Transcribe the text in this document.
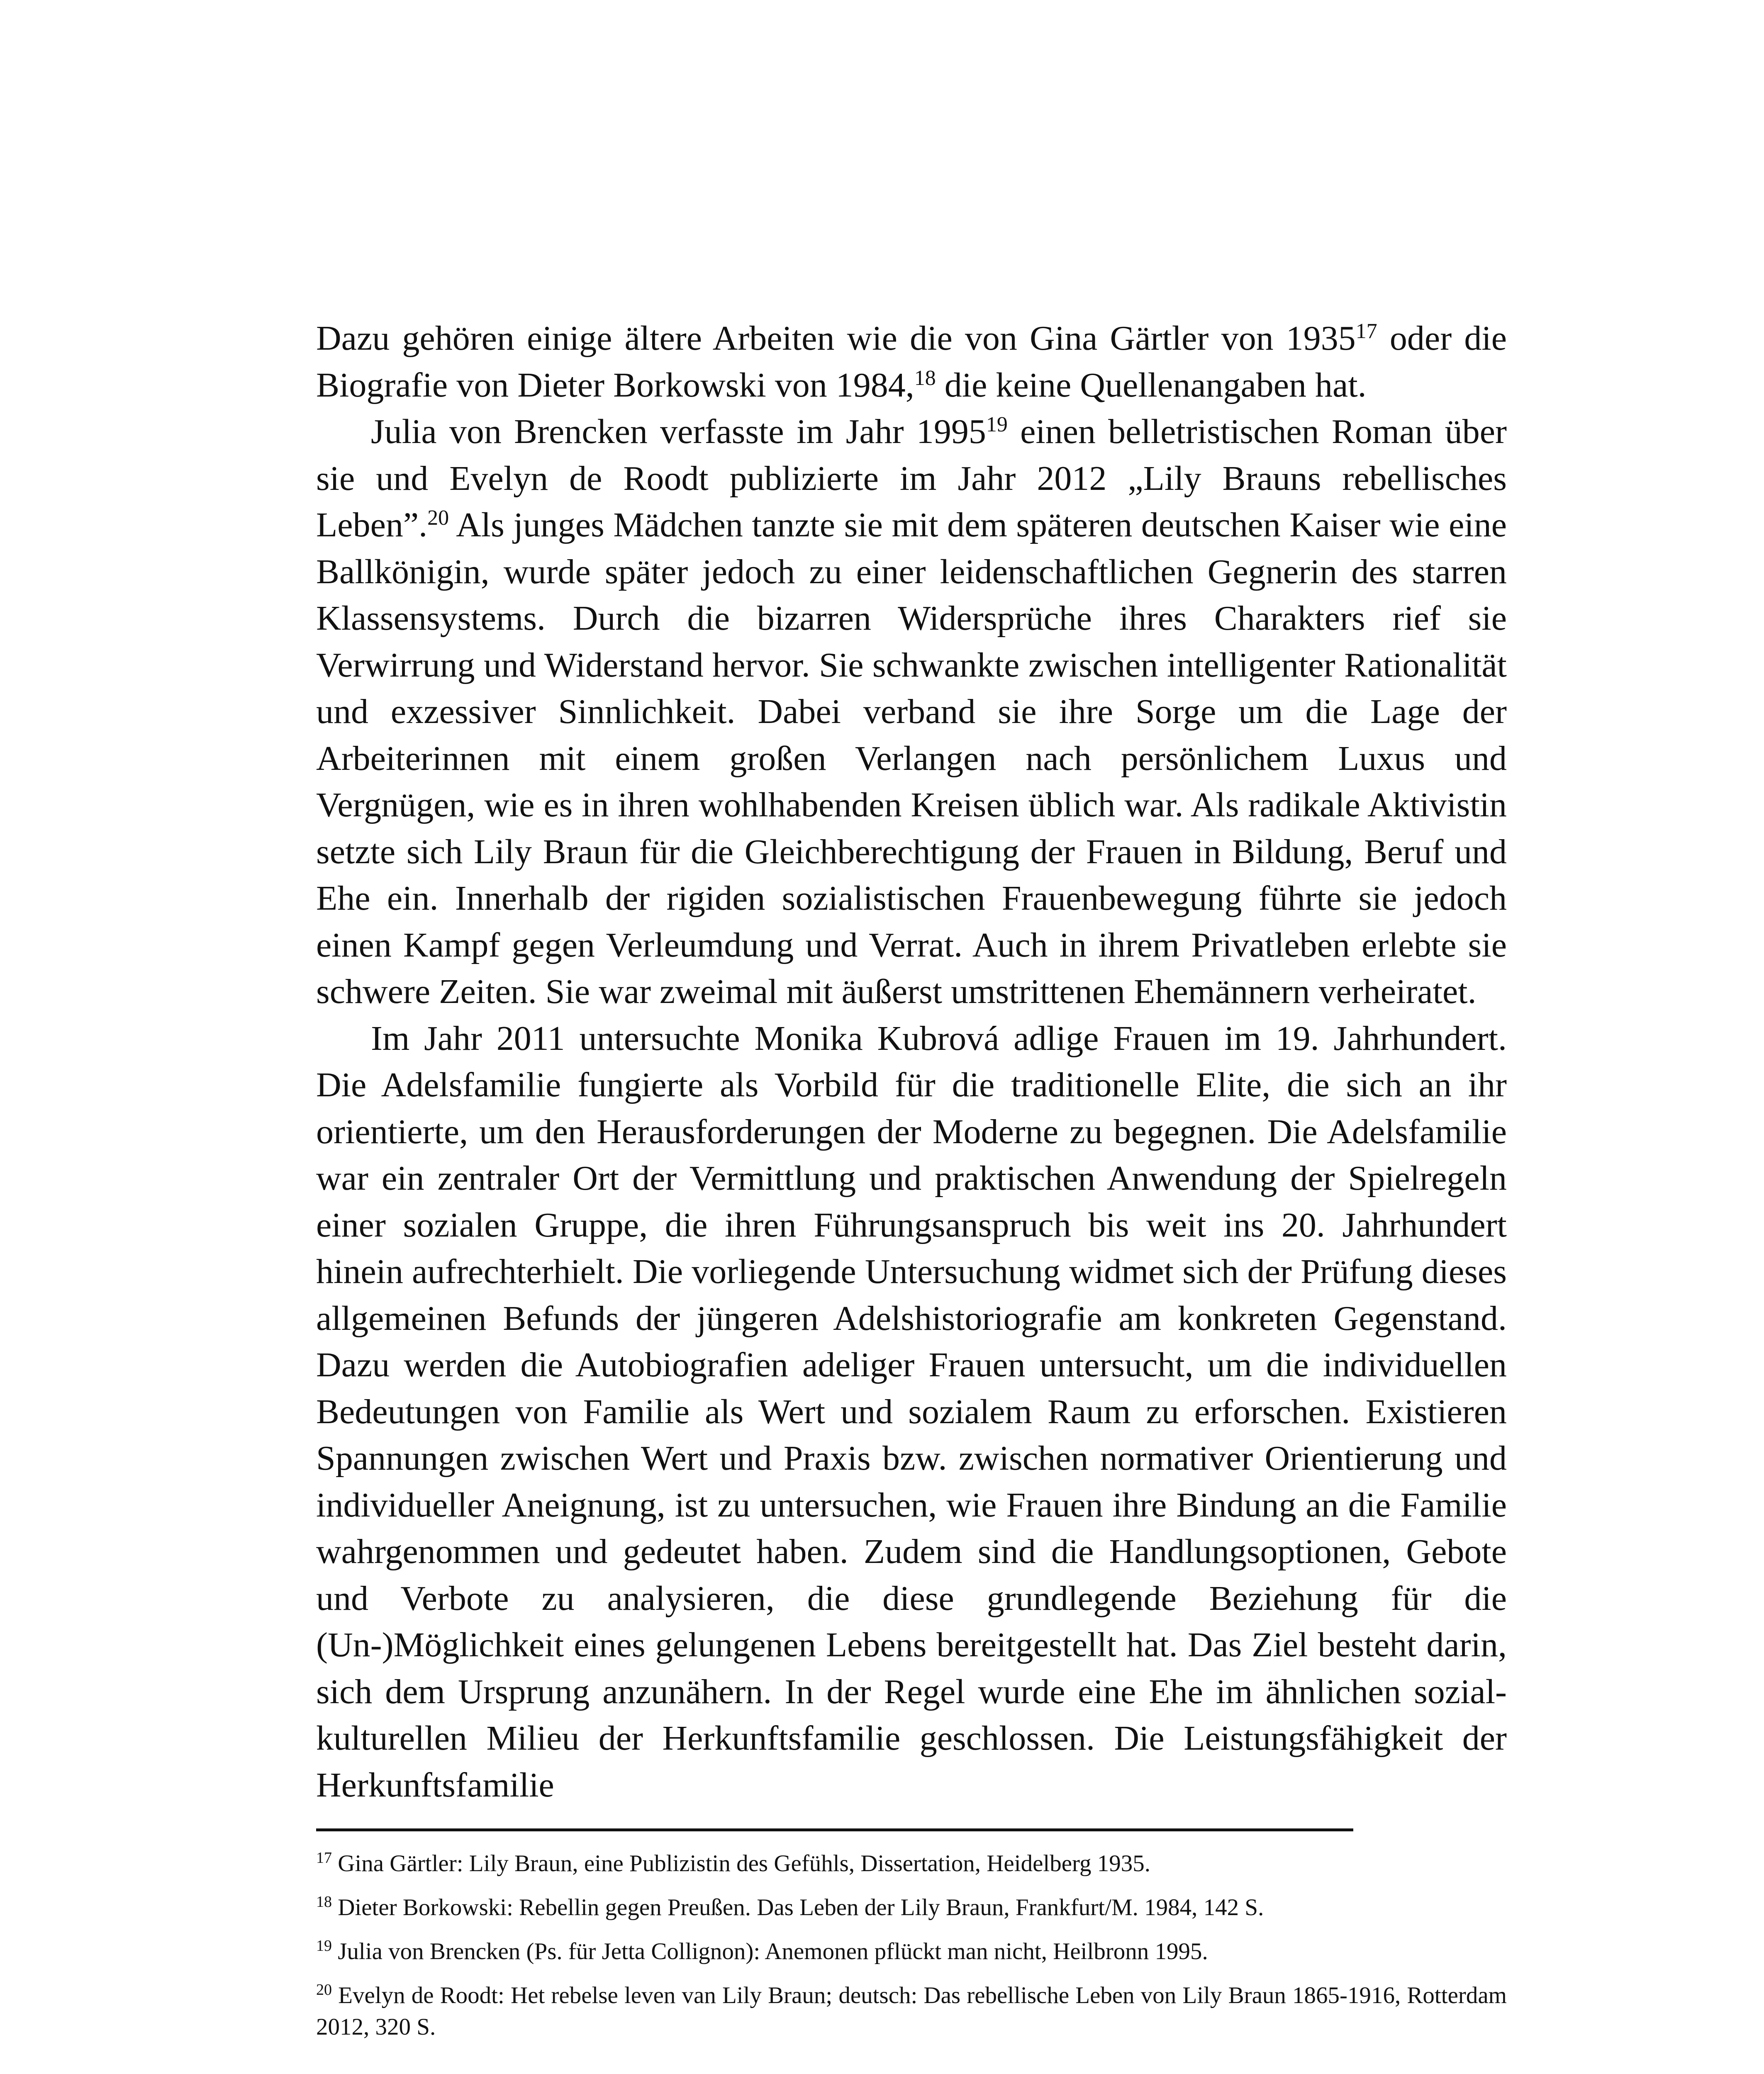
Dazu gehören einige ältere Arbeiten wie die von Gina Gärtler von 1935$^{17}$ oder die Biografie von Dieter Borkowski von 1984,18 die keine Quellenangaben hat.

Julia von Brencken verfasste im Jahr 1995$^{19}$ einen belletristischen Roman über sie und Evelyn de Roodt publizierte im Jahr 2012 „Lily Brauns rebellisches Leben”.$^{20}$ Als junges Mädchen tanzte sie mit dem späteren deutschen Kaiser wie eine Ballkönigin, wurde später jedoch zu einer leidenschaftlichen Gegnerin des starren Klassensystems. Durch die bizarren Widersprüche ihres Charakters rief sie Verwirrung und Widerstand hervor. Sie schwankte zwischen intelligenter Rationalität und exzessiver Sinnlichkeit. Dabei verband sie ihre Sorge um die Lage der Arbeiterinnen mit einem großen Verlangen nach persönlichem Luxus und Vergnügen, wie es in ihren wohlhabenden Kreisen üblich war. Als radikale Aktivistin setzte sich Lily Braun für die Gleichberechtigung der Frauen in Bildung, Beruf und Ehe ein. Innerhalb der rigiden sozialistischen Frauenbewegung führte sie jedoch einen Kampf gegen Verleumdung und Verrat. Auch in ihrem Privatleben erlebte sie schwere Zeiten. Sie war zweimal mit äußerst umstrittenen Ehemännern verheiratet.

Im Jahr 2011 untersuchte Monika Kubrová adlige Frauen im 19. Jahrhundert. Die Adelsfamilie fungierte als Vorbild für die traditionelle Elite, die sich an ihr orientierte, um den Herausforderungen der Moderne zu begegnen. Die Adelsfamilie war ein zentraler Ort der Vermittlung und praktischen Anwendung der Spielregeln einer sozialen Gruppe, die ihren Führungsanspruch bis weit ins 20. Jahrhundert hinein aufrechterhielt. Die vorliegende Untersuchung widmet sich der Prüfung dieses allgemeinen Befunds der jüngeren Adelshistoriografie am konkreten Gegenstand. Dazu werden die Autobiografien adeliger Frauen untersucht, um die individuellen Bedeutungen von Familie als Wert und sozialem Raum zu erforschen. Existieren Spannungen zwischen Wert und Praxis bzw. zwischen normativer Orientierung und individueller Aneignung, ist zu untersuchen, wie Frauen ihre Bindung an die Familie wahrgenommen und gedeutet haben. Zudem sind die Handlungsoptionen, Gebote und Verbote zu analysieren, die diese grundlegende Beziehung für die (Un-)Möglichkeit eines gelungenen Lebens bereitgestellt hat. Das Ziel besteht darin, sich dem Ursprung anzunähern. In der Regel wurde eine Ehe im ähnlichen sozial-kulturellen Milieu der Herkunftsfamilie geschlossen. Die Leistungsfähigkeit der Herkunftsfamilie

$^{17}$ Gina Gärtler: Lily Braun, eine Publizistin des Gefühls, Dissertation, Heidelberg 1935.

$^{18}$ Dieter Borkowski: Rebellin gegen Preußen. Das Leben der Lily Braun, Frankfurt/M. 1984, 142 S.

$^{19}$ Julia von Brencken (Ps. für Jetta Collignon): Anemonen pflückt man nicht, Heilbronn 1995.

$^{20}$ Evelyn de Roodt: Het rebelse leven van Lily Braun; deutsch: Das rebellische Leben von Lily Braun 1865-1916, Rotterdam 2012, 320 S.
